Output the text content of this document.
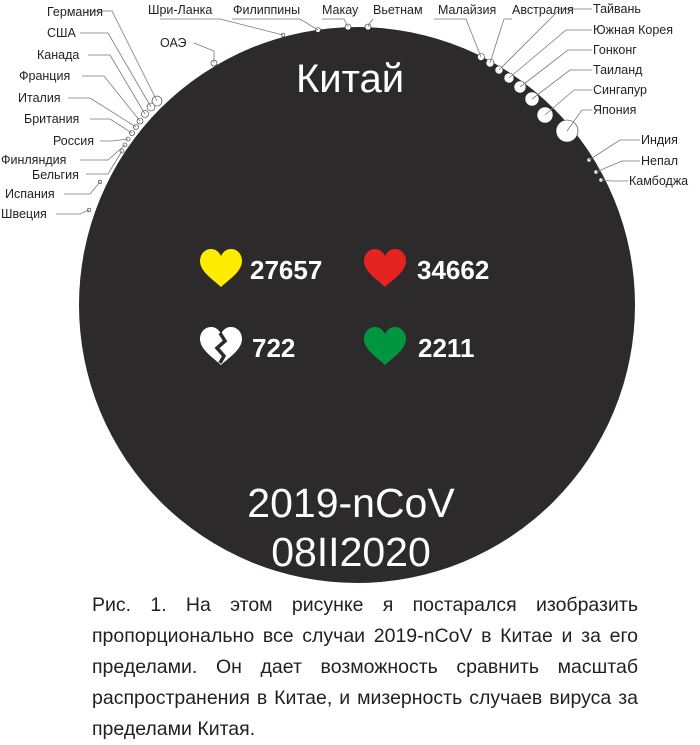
Германия
США
Канада
Франция
Италия
Британия
Россия
Финляндия
Бельгия
Испания
Швеция
Шри-Ланка Филиппины Макау Вьетнам Малайзия Австралия
ОАЭ
Тайвань
Южная Корея
Гонконг
Таиланд
Сингапур
Япония
Индия
Непал
Камбоджа
Китай
27657	34662
722	2211
2019-nCoV
08II2020
Рис. 1. На этом рисунке я постарался изобразить пропорционально все случаи 2019-nCoV в Китае и за его пределами. Он дает возможность сравнить масштаб распространения в Китае, и мизерность случаев вируса за пределами Китая.
